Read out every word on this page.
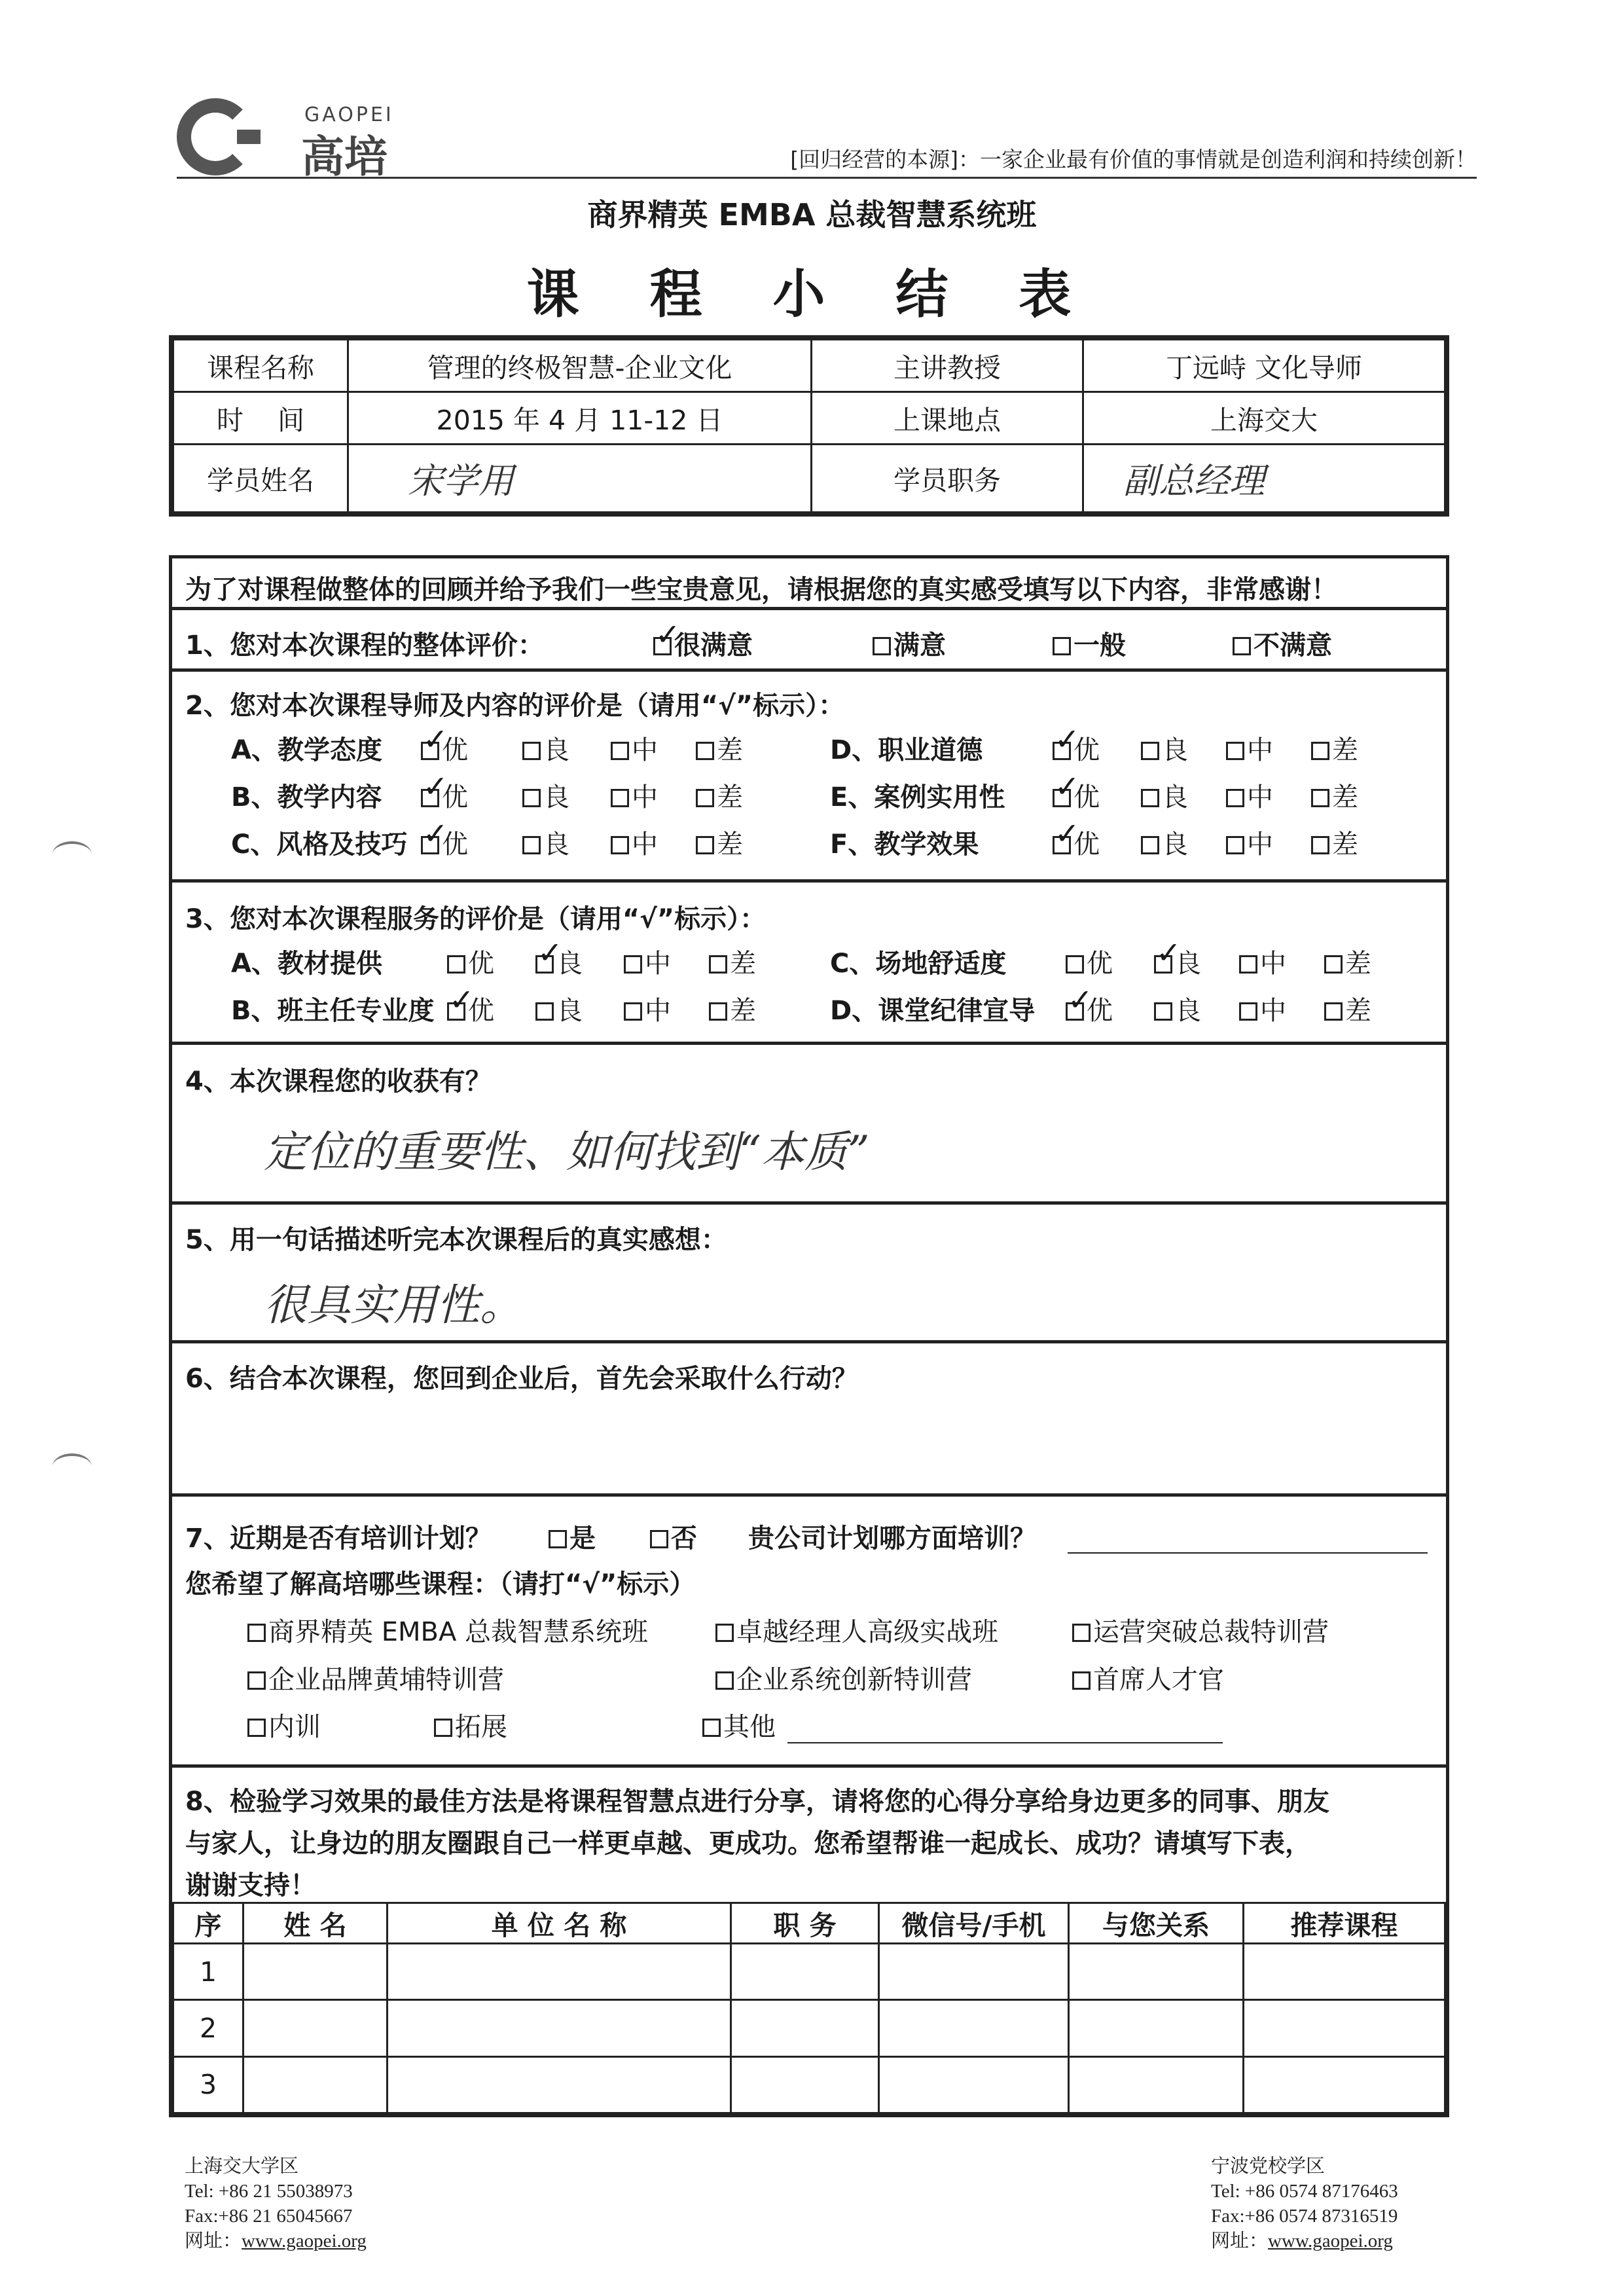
GAOPEI
高培	[回归经营的本源]：一家企业最有价值的事情就是创造利润和持续创新！
商界精英 EMBA 总裁智慧系统班
课 程 小 结 表
课程名称	管理的终极智慧-企业文化	主讲教授	丁远峙 文化导师
时    间	2015 年 4 月 11-12 日	上课地点	上海交大
学员姓名	宋学用	学员职务	副总经理
为了对课程做整体的回顾并给予我们一些宝贵意见，请根据您的真实感受填写以下内容，非常感谢！
1、您对本次课程的整体评价： ✓	很满意	满意	一般	不满意
2、您对本次课程导师及内容的评价是（请用“√”标示）：
A、教学态度 ✓	优	良	中	差
B、教学内容 ✓	优	良	中	差
C、风格及技巧 ✓	优	良	中	差
D、职业道德 ✓	优	良	中	差
E、案例实用性 ✓	优	良	中	差
F、教学效果 ✓	优	良	中	差
3、您对本次课程服务的评价是（请用“√”标示）：
A、教材提供	优 ✓	良	中	差
B、班主任专业度 ✓	优	良	中	差
C、场地舒适度	优 ✓	良	中	差
D、课堂纪律宣导 ✓	优	良	中	差
4、本次课程您的收获有？
定位的重要性、如何找到“本质”
5、用一句话描述听完本次课程后的真实感想：
很具实用性。
6、结合本次课程，您回到企业后，首先会采取什么行动？
7、近期是否有培训计划？	是	否 贵公司计划哪方面培训？
您希望了解高培哪些课程：（请打“√”标示）
商界精英 EMBA 总裁智慧系统班	卓越经理人高级实战班	运营突破总裁特训营
企业品牌黄埔特训营	企业系统创新特训营	首席人才官
内训	拓展	其他
8、检验学习效果的最佳方法是将课程智慧点进行分享，请将您的心得分享给身边更多的同事、朋友
与家人，让身边的朋友圈跟自己一样更卓越、更成功。您希望帮谁一起成长、成功？请填写下表，
谢谢支持！
序	姓 名	单 位 名 称	职 务	微信号/手机	与您关系	推荐课程
1						
2						
3						
上海交大学区
Tel: +86 21 55038973
Fax:+86 21 65045667
网址：www.gaopei.org
宁波党校学区
Tel: +86 0574 87176463
Fax:+86 0574 87316519
网址：www.gaopei.org
